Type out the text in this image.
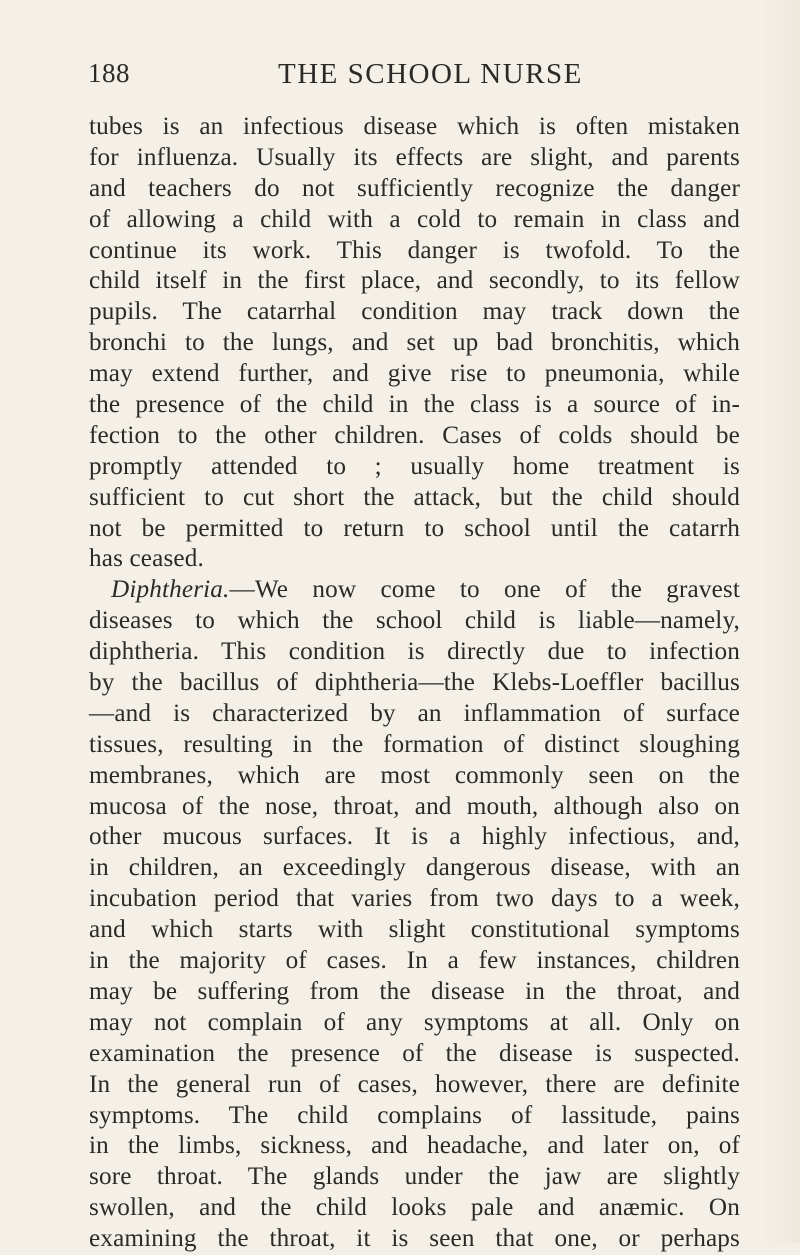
188	THE SCHOOL NURSE
tubes is an infectious disease which is often mistaken
for influenza. Usually its effects are slight, and parents
and teachers do not sufficiently recognize the danger
of allowing a child with a cold to remain in class and
continue its work. This danger is twofold. To the
child itself in the first place, and secondly, to its fellow
pupils. The catarrhal condition may track down the
bronchi to the lungs, and set up bad bronchitis, which
may extend further, and give rise to pneumonia, while
the presence of the child in the class is a source of in-
fection to the other children. Cases of colds should be
promptly attended to ; usually home treatment is
sufficient to cut short the attack, but the child should
not be permitted to return to school until the catarrh
has ceased.
Diphtheria.—We now come to one of the gravest
diseases to which the school child is liable—namely,
diphtheria. This condition is directly due to infection
by the bacillus of diphtheria—the Klebs-Loeffler bacillus
—and is characterized by an inflammation of surface
tissues, resulting in the formation of distinct sloughing
membranes, which are most commonly seen on the
mucosa of the nose, throat, and mouth, although also on
other mucous surfaces. It is a highly infectious, and,
in children, an exceedingly dangerous disease, with an
incubation period that varies from two days to a week,
and which starts with slight constitutional symptoms
in the majority of cases. In a few instances, children
may be suffering from the disease in the throat, and
may not complain of any symptoms at all. Only on
examination the presence of the disease is suspected.
In the general run of cases, however, there are definite
symptoms. The child complains of lassitude, pains
in the limbs, sickness, and headache, and later on, of
sore throat. The glands under the jaw are slightly
swollen, and the child looks pale and anæmic. On
examining the throat, it is seen that one, or perhaps
